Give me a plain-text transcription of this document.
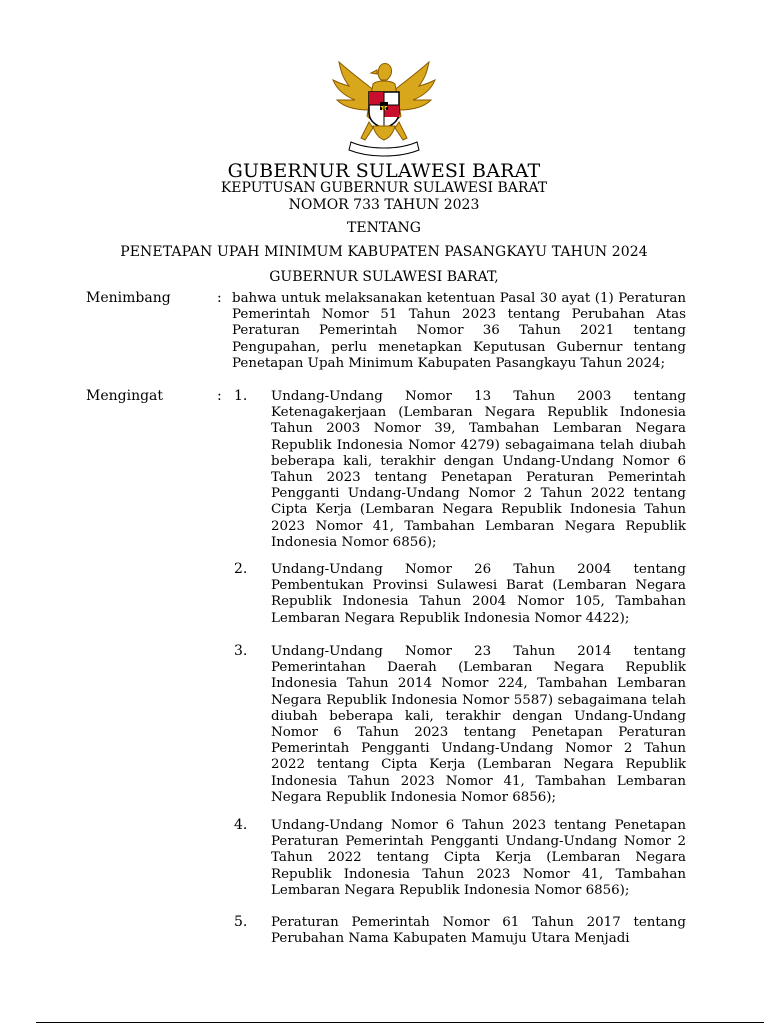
GUBERNUR SULAWESI BARAT
KEPUTUSAN GUBERNUR SULAWESI BARAT
NOMOR 733 TAHUN 2023
TENTANG
PENETAPAN UPAH MINIMUM KABUPATEN PASANGKAYU TAHUN 2024
GUBERNUR SULAWESI BARAT,
Menimbang	: bahwa untuk melaksanakan ketentuan Pasal 30 ayat (1) Peraturan Pemerintah Nomor 51 Tahun 2023 tentang Perubahan Atas Peraturan Pemerintah Nomor 36 Tahun 2021 tentang Pengupahan, perlu menetapkan Keputusan Gubernur tentang Penetapan Upah Minimum Kabupaten Pasangkayu Tahun 2024;
Mengingat	: 1. Undang-Undang Nomor 13 Tahun 2003 tentang Ketenagakerjaan (Lembaran Negara Republik Indonesia Tahun 2003 Nomor 39, Tambahan Lembaran Negara Republik Indonesia Nomor 4279) sebagaimana telah diubah beberapa kali, terakhir dengan Undang-Undang Nomor 6 Tahun 2023 tentang Penetapan Peraturan Pemerintah Pengganti Undang-Undang Nomor 2 Tahun 2022 tentang Cipta Kerja (Lembaran Negara Republik Indonesia Tahun 2023 Nomor 41, Tambahan Lembaran Negara Republik Indonesia Nomor 6856);
2. Undang-Undang Nomor 26 Tahun 2004 tentang Pembentukan Provinsi Sulawesi Barat (Lembaran Negara Republik Indonesia Tahun 2004 Nomor 105, Tambahan Lembaran Negara Republik Indonesia Nomor 4422);
3. Undang-Undang Nomor 23 Tahun 2014 tentang Pemerintahan Daerah (Lembaran Negara Republik Indonesia Tahun 2014 Nomor 224, Tambahan Lembaran Negara Republik Indonesia Nomor 5587) sebagaimana telah diubah beberapa kali, terakhir dengan Undang-Undang Nomor 6 Tahun 2023 tentang Penetapan Peraturan Pemerintah Pengganti Undang-Undang Nomor 2 Tahun 2022 tentang Cipta Kerja (Lembaran Negara Republik Indonesia Tahun 2023 Nomor 41, Tambahan Lembaran Negara Republik Indonesia Nomor 6856);
4. Undang-Undang Nomor 6 Tahun 2023 tentang Penetapan Peraturan Pemerintah Pengganti Undang-Undang Nomor 2 Tahun 2022 tentang Cipta Kerja (Lembaran Negara Republik Indonesia Tahun 2023 Nomor 41, Tambahan Lembaran Negara Republik Indonesia Nomor 6856);
5. Peraturan Pemerintah Nomor 61 Tahun 2017 tentang Perubahan Nama Kabupaten Mamuju Utara Menjadi
